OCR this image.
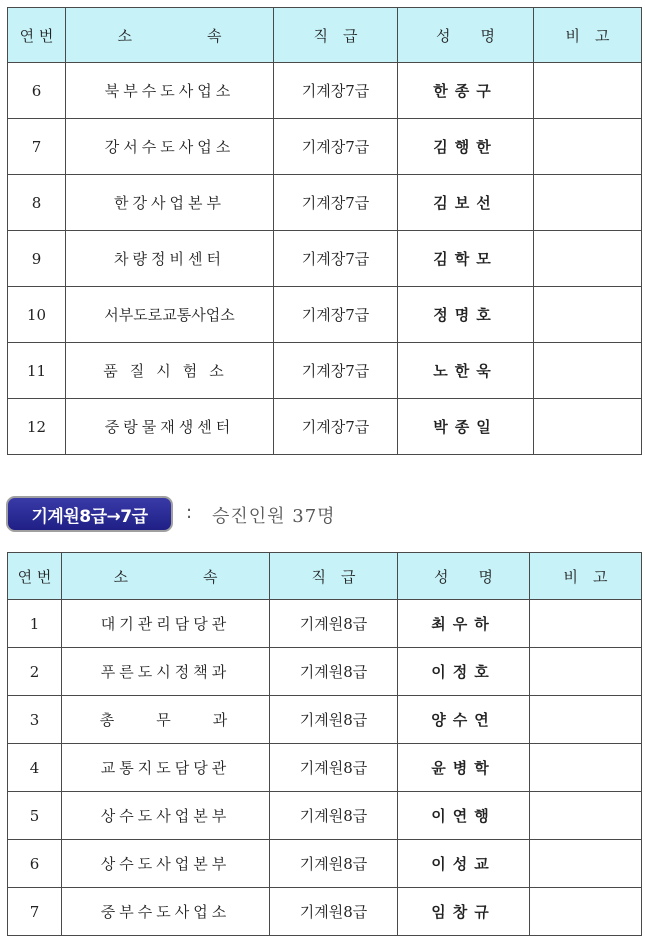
연 번	소　　　　　속	직　급	성　　명	비　고
6	북부수도사업소	기계장7급	한종구	
7	강서수도사업소	기계장7급	김행한	
8	한강사업본부	기계장7급	김보선	
9	차량정비센터	기계장7급	김학모	
10	서부도로교통사업소	기계장7급	정명호	
11	품질시험소	기계장7급	노한욱	
12	중랑물재생센터	기계장7급	박종일	
기계원8급→7급	: 승진인원 37명
연 번	소　　　　　속	직　급	성　　명	비　고
1	대기관리담당관	기계원8급	최우하	
2	푸른도시정책과	기계원8급	이정호	
3	총　　무　　과	기계원8급	양수연	
4	교통지도담당관	기계원8급	윤병학	
5	상수도사업본부	기계원8급	이연행	
6	상수도사업본부	기계원8급	이성교	
7	중부수도사업소	기계원8급	임창규	
